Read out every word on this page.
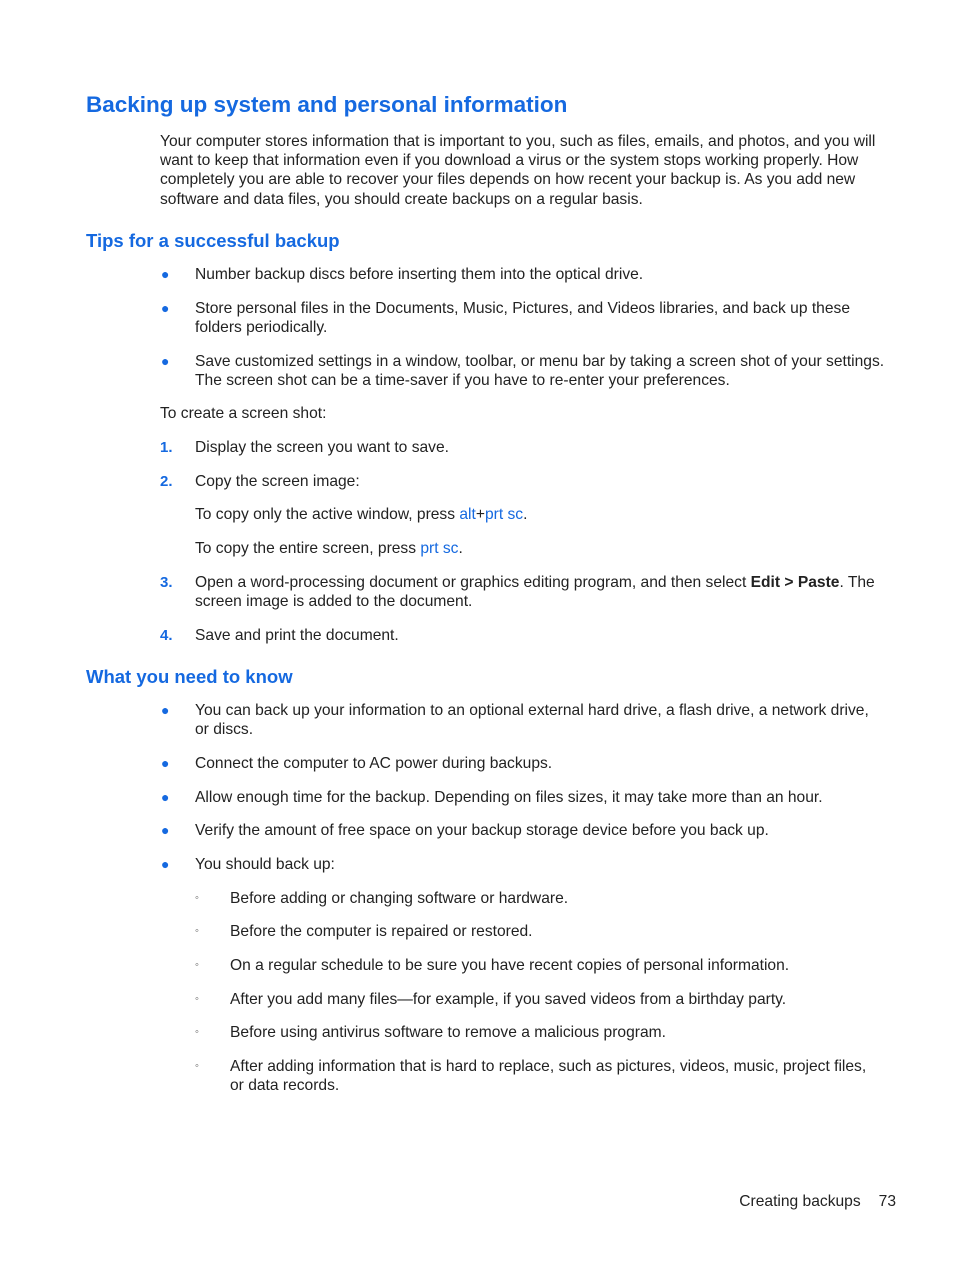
Backing up system and personal information

Your computer stores information that is important to you, such as files, emails, and photos, and you will want to keep that information even if you download a virus or the system stops working properly. How completely you are able to recover your files depends on how recent your backup is. As you add new software and data files, you should create backups on a regular basis.

Tips for a successful backup
●	Number backup discs before inserting them into the optical drive.
●	Store personal files in the Documents, Music, Pictures, and Videos libraries, and back up these folders periodically.
●	Save customized settings in a window, toolbar, or menu bar by taking a screen shot of your settings. The screen shot can be a time-saver if you have to re-enter your preferences.

To create a screen shot:

1.	Display the screen you want to save.
2.	Copy the screen image:
To copy only the active window, press alt+prt sc.
To copy the entire screen, press prt sc.
3.	Open a word-processing document or graphics editing program, and then select Edit > Paste. The screen image is added to the document.
4.	Save and print the document.
What you need to know
●	You can back up your information to an optional external hard drive, a flash drive, a network drive, or discs.
●	Connect the computer to AC power during backups.
●	Allow enough time for the backup. Depending on files sizes, it may take more than an hour.
●	Verify the amount of free space on your backup storage device before you back up.
●	You should back up:
◦ Before adding or changing software or hardware.
◦ Before the computer is repaired or restored.
◦ On a regular schedule to be sure you have recent copies of personal information.
◦ After you add many files—for example, if you saved videos from a birthday party.
◦ Before using antivirus software to remove a malicious program.
◦ After adding information that is hard to replace, such as pictures, videos, music, project files, or data records.
Creating backups 73
